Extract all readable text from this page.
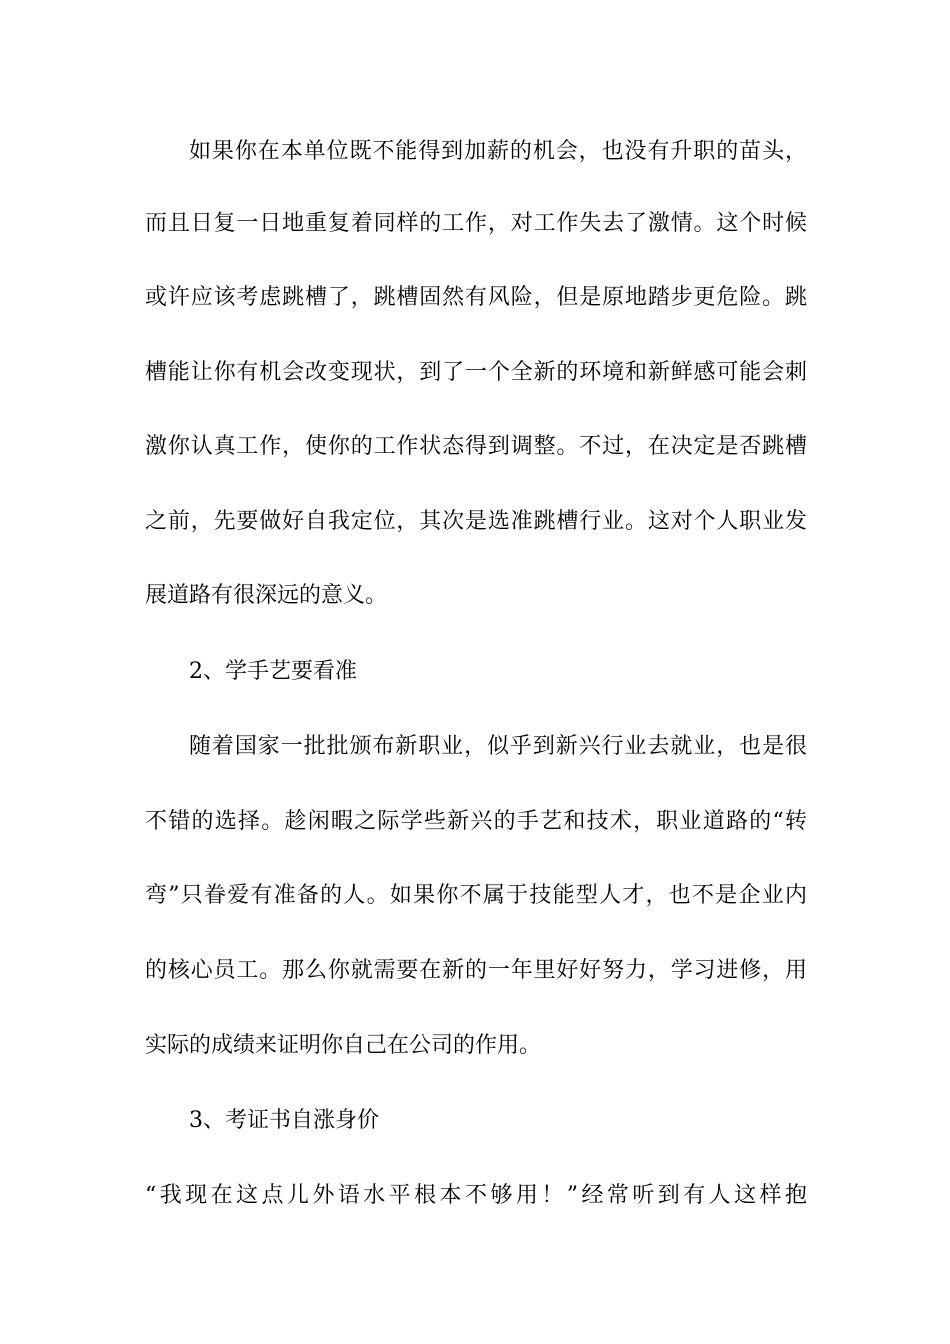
如果你在本单位既不能得到加薪的机会，也没有升职的苗头，
而且日复一日地重复着同样的工作，对工作失去了激情。这个时候
或许应该考虑跳槽了，跳槽固然有风险，但是原地踏步更危险。跳
槽能让你有机会改变现状，到了一个全新的环境和新鲜感可能会刺
激你认真工作，使你的工作状态得到调整。不过，在决定是否跳槽
之前，先要做好自我定位，其次是选准跳槽行业。这对个人职业发
展道路有很深远的意义。
2、学手艺要看准
随着国家一批批颁布新职业，似乎到新兴行业去就业，也是很
不错的选择。趁闲暇之际学些新兴的手艺和技术，职业道路的“转
弯”只眷爱有准备的人。如果你不属于技能型人才，也不是企业内
的核心员工。那么你就需要在新的一年里好好努力，学习进修，用
实际的成绩来证明你自己在公司的作用。
3、考证书自涨身价
“我现在这点儿外语水平根本不够用！”经常听到有人这样抱
